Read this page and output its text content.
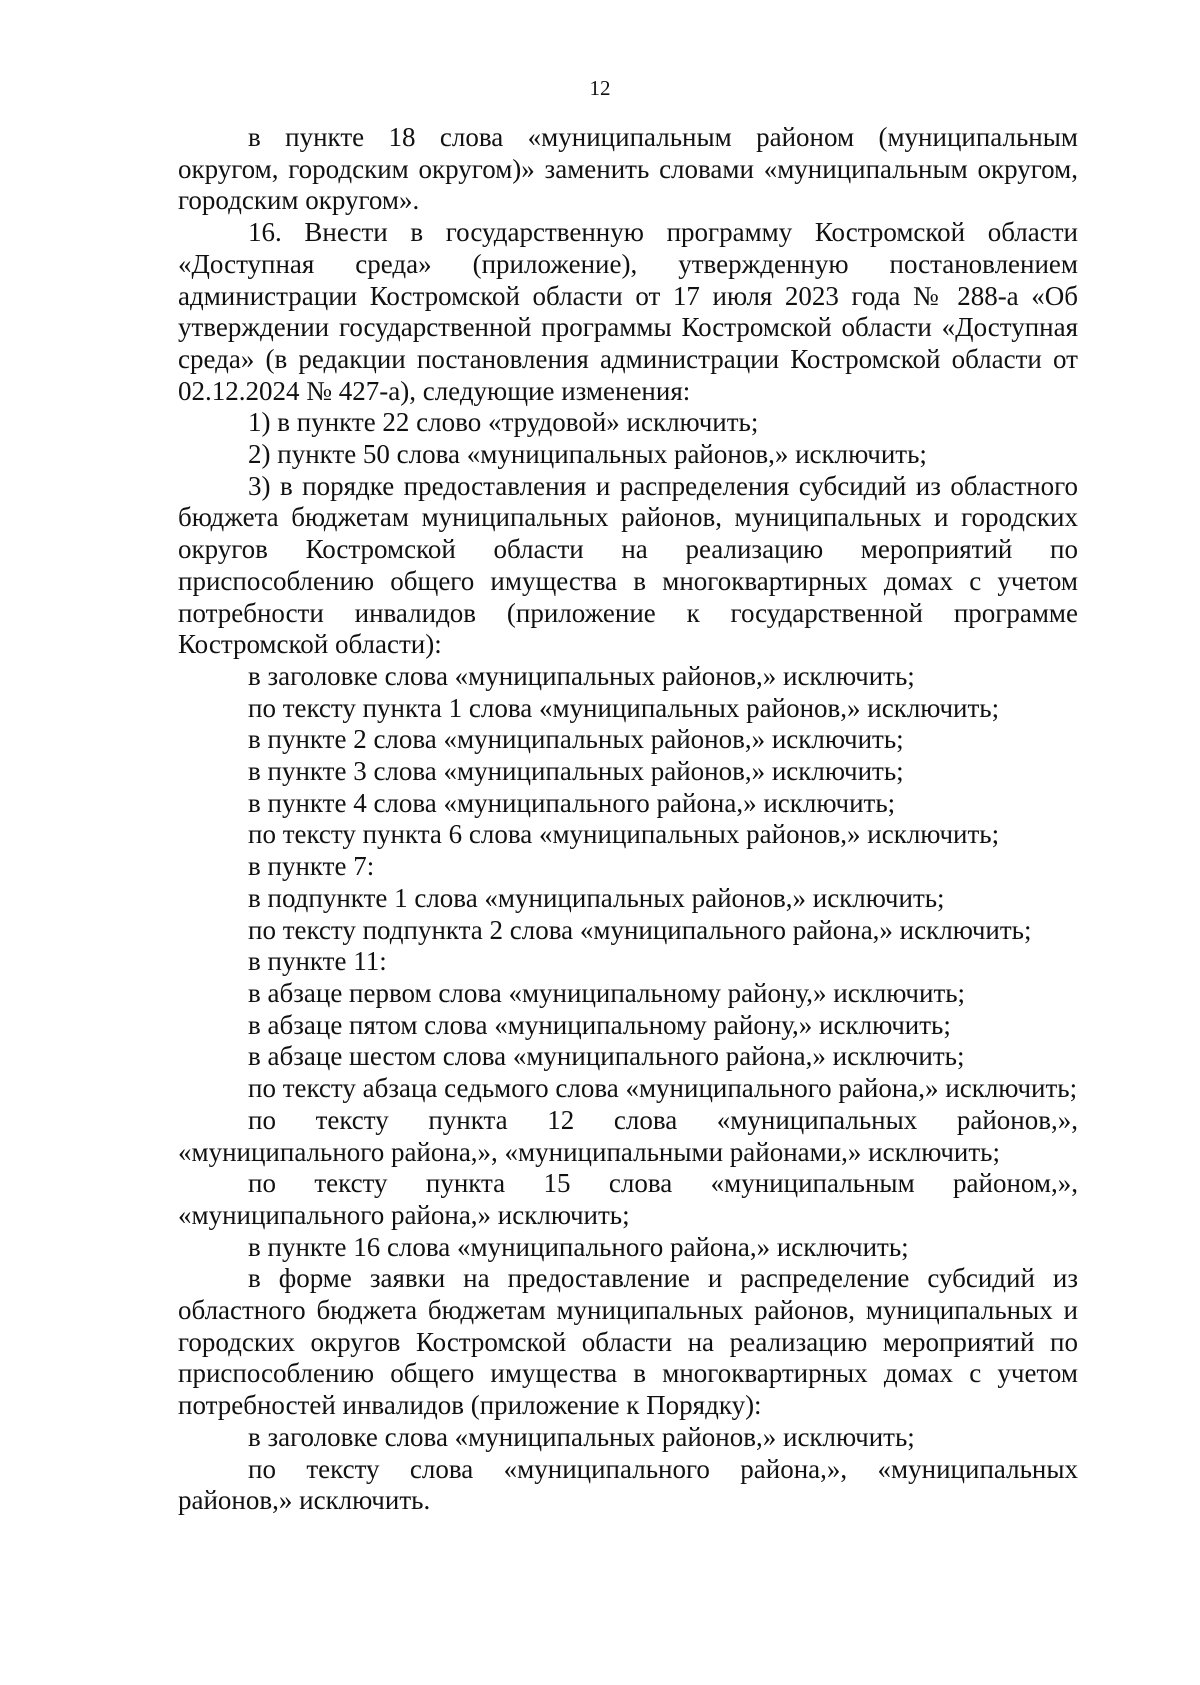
12

в пункте 18 слова «муниципальным районом (муниципальным округом, городским округом)» заменить словами «муниципальным округом, городским округом».

16. Внести в государственную программу Костромской области «Доступная среда» (приложение), утвержденную постановлением администрации Костромской области от 17 июля 2023 года № 288-а «Об утверждении государственной программы Костромской области «Доступная среда» (в редакции постановления администрации Костромской области от 02.12.2024 № 427-а), следующие изменения:

1) в пункте 22 слово «трудовой» исключить;

2) пункте 50 слова «муниципальных районов,» исключить;

3) в порядке предоставления и распределения субсидий из областного бюджета бюджетам муниципальных районов, муниципальных и городских округов Костромской области на реализацию мероприятий по приспособлению общего имущества в многоквартирных домах с учетом потребности инвалидов (приложение к государственной программе Костромской области):

в заголовке слова «муниципальных районов,» исключить;

по тексту пункта 1 слова «муниципальных районов,» исключить;

в пункте 2 слова «муниципальных районов,» исключить;

в пункте 3 слова «муниципальных районов,» исключить;

в пункте 4 слова «муниципального района,» исключить;

по тексту пункта 6 слова «муниципальных районов,» исключить;

в пункте 7:

в подпункте 1 слова «муниципальных районов,» исключить;

по тексту подпункта 2 слова «муниципального района,» исключить;

в пункте 11:

в абзаце первом слова «муниципальному району,» исключить;

в абзаце пятом слова «муниципальному району,» исключить;

в абзаце шестом слова «муниципального района,» исключить;

по тексту абзаца седьмого слова «муниципального района,» исключить;

по тексту пункта 12 слова «муниципальных районов,», «муниципального района,», «муниципальными районами,» исключить;

по тексту пункта 15 слова «муниципальным районом,», «муниципального района,» исключить;

в пункте 16 слова «муниципального района,» исключить;

в форме заявки на предоставление и распределение субсидий из областного бюджета бюджетам муниципальных районов, муниципальных и городских округов Костромской области на реализацию мероприятий по приспособлению общего имущества в многоквартирных домах с учетом потребностей инвалидов (приложение к Порядку):

в заголовке слова «муниципальных районов,» исключить;

по тексту слова «муниципального района,», «муниципальных районов,» исключить.
